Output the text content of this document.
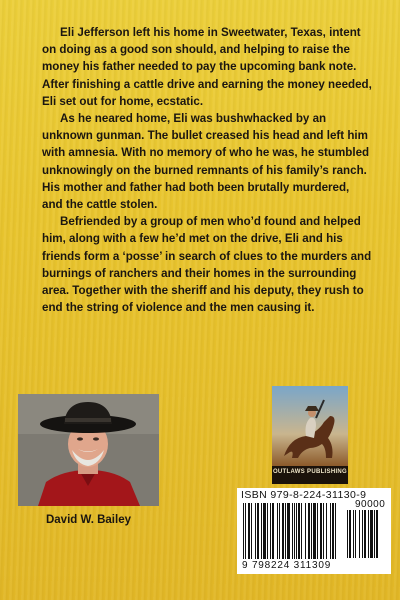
Eli Jefferson left his home in Sweetwater, Texas, intent on doing as a good son should, and helping to raise the money his father needed to pay the upcoming bank note. After finishing a cattle drive and earning the money needed, Eli set out for home, ecstatic.

As he neared home, Eli was bushwhacked by an unknown gunman. The bullet creased his head and left him with amnesia. With no memory of who he was, he stumbled unknowingly on the burned remnants of his family’s ranch. His mother and father had both been brutally murdered, and the cattle stolen.

Befriended by a group of men who’d found and helped him, along with a few he’d met on the drive, Eli and his friends form a ‘posse’ in search of clues to the murders and burnings of ranchers and their homes in the surrounding area. Together with the sheriff and his deputy, they rush to end the string of violence and the men causing it.

David W. Bailey
OUTLAWS PUBLISHING
ISBN 979-8-224-31130-9
90000
9 798224 311309
